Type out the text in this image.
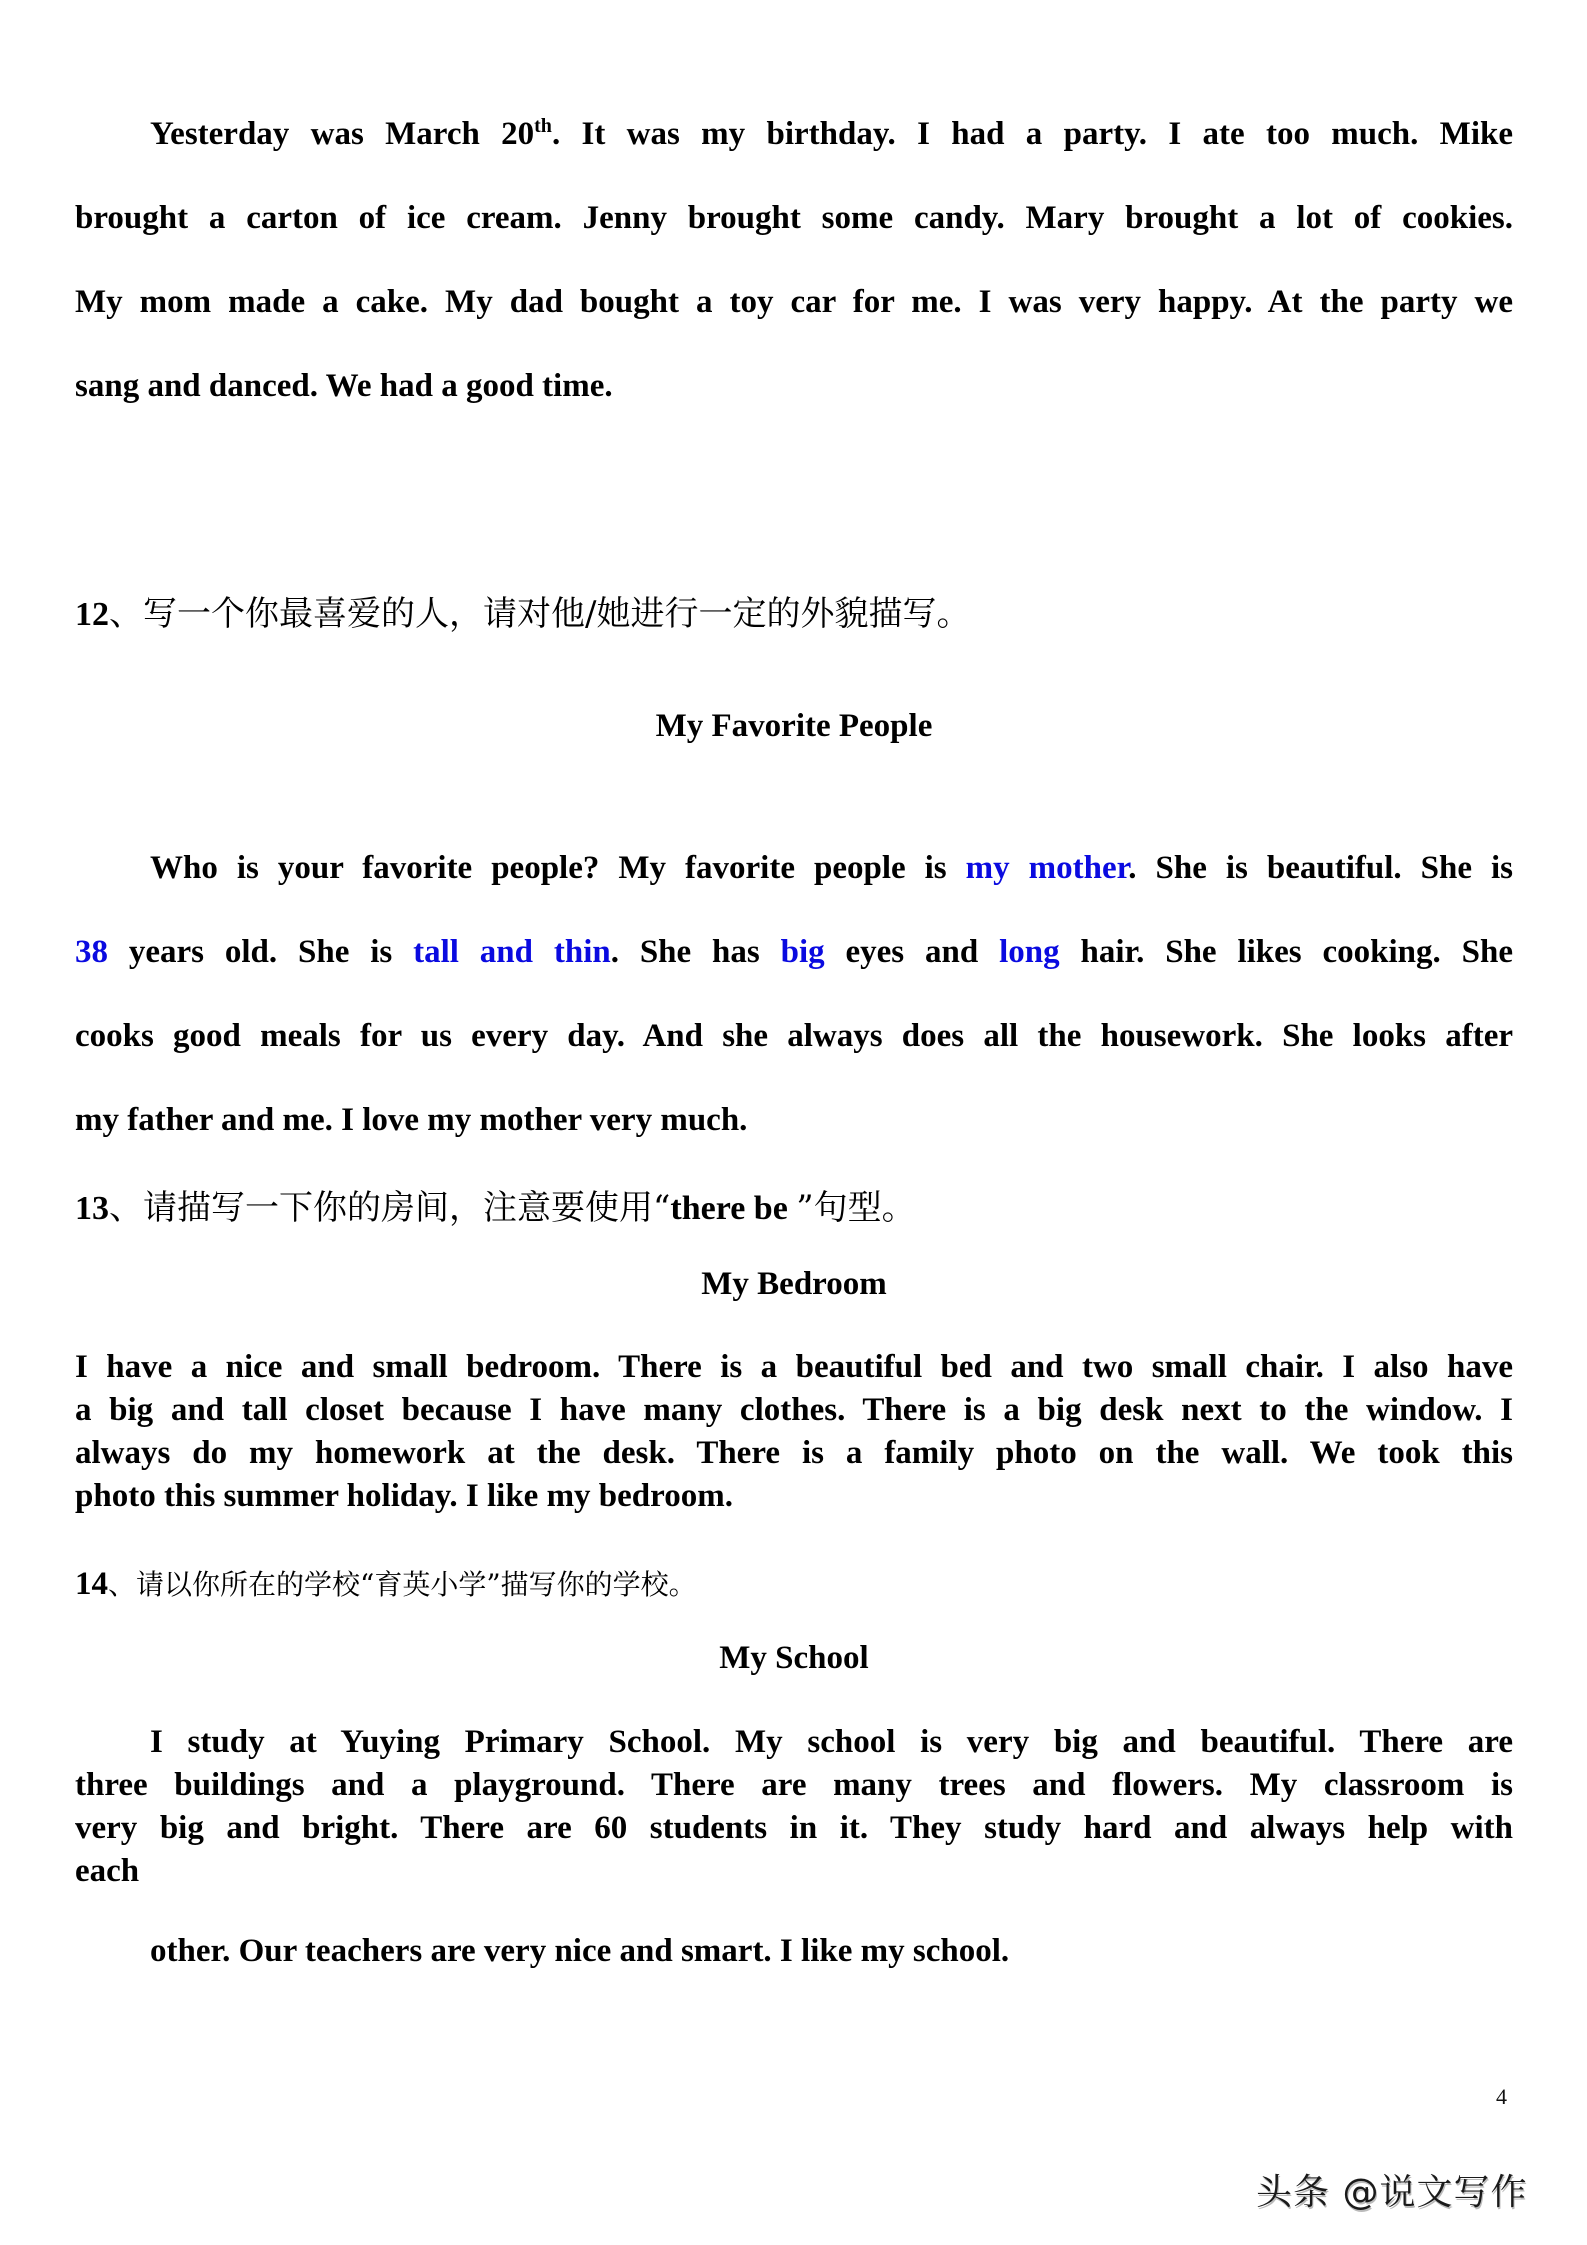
Yesterday was March 20th. It was my birthday. I had a party. I ate too much. Mike
brought a carton of ice cream. Jenny brought some candy. Mary brought a lot of cookies.
My mom made a cake. My dad bought a toy car for me. I was very happy. At the party we
sang and danced. We had a good time.

12、写一个你最喜爱的人，请对他/她进行一定的外貌描写。

My Favorite People

Who is your favorite people? My favorite people is my mother. She is beautiful. She is
38 years old. She is tall and thin. She has big eyes and long hair. She likes cooking. She
cooks good meals for us every day. And she always does all the housework. She looks after
my father and me. I love my mother very much.

13、请描写一下你的房间，注意要使用“there be ”句型。

My Bedroom

I have a nice and small bedroom. There is a beautiful bed and two small chair. I also have
a big and tall closet because I have many clothes. There is a big desk next to the window. I
always do my homework at the desk. There is a family photo on the wall. We took this
photo this summer holiday. I like my bedroom.

14、请以你所在的学校“育英小学”描写你的学校。

My School

I study at Yuying Primary School. My school is very big and beautiful. There are
three buildings and a playground. There are many trees and flowers. My classroom is
very big and bright. There are 60 students in it. They study hard and always help with
each

other. Our teachers are very nice and smart. I like my school.

4
头条 @说文写作
